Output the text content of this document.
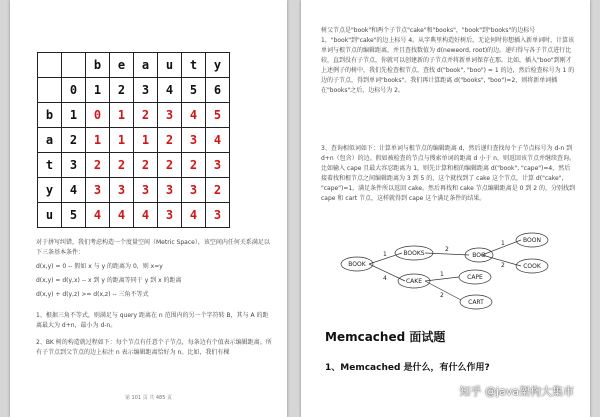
		b	e	a	u	t	y
	0	1	2	3	4	5	6
b	1	0	1	2	3	4	5
a	2	1	1	1	2	3	4
t	3	2	2	2	2	2	3
y	4	3	3	3	3	3	2
u	5	4	4	4	3	4	3
对于拼写纠错，我们考虑构造一个度量空间（Metric Space），该空间内任何关系满足以下三条基本条件：
d(x,y) = 0 -- 假如 x 与 y 的距离为 0，则 x=y
d(x,y) = d(y,x) -- x 到 y 的距离等同于 y 到 x 的距离
d(x,y) + d(y,z) >= d(x,z) -- 三角不等式
1、根据三角不等式，则满足与 query 距离在 n 范围内的另一个字符转 B，其与 A 的距离最大为 d+n，最小为 d-n。
2、BK 树的构造就过程如下：每个节点有任意个子节点，每条边有个值表示编辑距离。所有子节点到父节点的边上标注 n 表示编辑距离恰好为 n。比如，我们有棵
第 101 页 共 485 页
树父节点是"book"和两个子节点"cake"和"books"，"book"到"books"的边标号 1，"book"到"cake"的边上标号 4。从字典里构造好树后，无论何时你想插入新单词时，计算该单词与根节点的编辑距离，并且查找数值为 d(neweord, root)的边。递归得与各子节点进行比较，直到没有子节点，你就可以创建新的子节点并将新单词保存在那。比如，插入"boo"到刚才上述例子的树中，我们先检查根节点，查找 d("book", "boo") = 1 的边，然后检查标号为 1 的边的子节点，得到单词"books"。我们再计算距离 d("books", "boo")=2，则将新单词插在"books"之后，边标号为 2。
3、查询相似词如下：计算单词与根节点的编辑距离 d，然后递归查找每个子节点标号为 d-n 到 d+n（包含）的边。假如被检查的节点与搜索单词的距离 d 小于 n，则返回该节点并继续查询。比如输入 cape 且最大容忍距离为 1，则先计算和根的编辑距离 d("book", "cape")=4，然后接着找和根节点之间编辑距离为 3 到 5 的，这个就找到了 cake 这个节点，计算 d("cake", "cape")=1，满足条件所以返回 cake。然后再找和 cake 节点编辑距离是 0 到 2 的，分别找到 cape 和 cart 节点，这样就得到 cape 这个满足条件的结果。
BOOK
BOOKS
CAKE
BOO
BOON
COOK
CAPE
CART
1
4
2
1
2
1
2
Memcached 面试题
1、Memcached 是什么，有什么作用?
知乎 @java架构大集市
